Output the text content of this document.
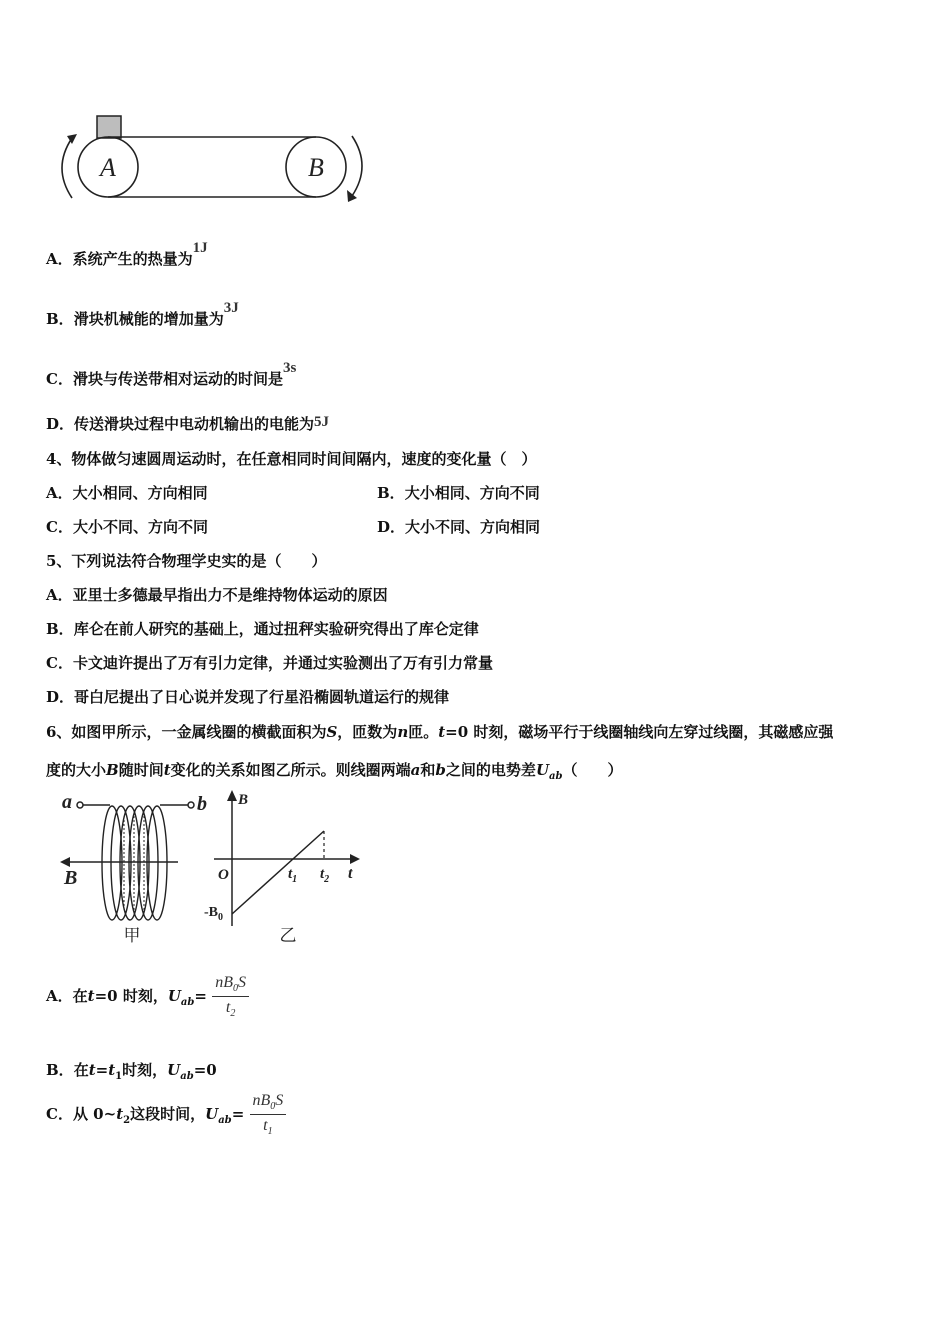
A	B
A．系统产生的热量为1J
B．滑块机械能的增加量为3J
C．滑块与传送带相对运动的时间是3s
D．传送滑块过程中电动机输出的电能为5J
4、物体做匀速圆周运动时，在任意相同时间间隔内，速度的变化量（　）
A．大小相同、方向相同	B．大小相同、方向不同
C．大小不同、方向不同	D．大小不同、方向相同
5、下列说法符合物理学史实的是（　　）
A．亚里士多德最早指出力不是维持物体运动的原因
B．库仑在前人研究的基础上，通过扭秤实验研究得出了库仑定律
C．卡文迪许提出了万有引力定律，并通过实验测出了万有引力常量
D．哥白尼提出了日心说并发现了行星沿椭圆轨道运行的规律
6、如图甲所示，一金属线圈的横截面积为S，匝数为n匝。t=0 时刻，磁场平行于线圈轴线向左穿过线圈，其磁感应强
度的大小B随时间t变化的关系如图乙所示。则线圈两端a和b之间的电势差$U_{ab}$（　　）
a	b
B
甲
B
t
O	$t_1$ $t_2$
$-B_0$
乙
A．在t=0 时刻，$U_{ab}= \frac{nB_0S}{t_2}$
B．在$t=t_1$时刻，$U_{ab}=0$
C．从 $0\sim t_2$这段时间，$U_{ab}= \frac{nB_0S}{t_1}$
